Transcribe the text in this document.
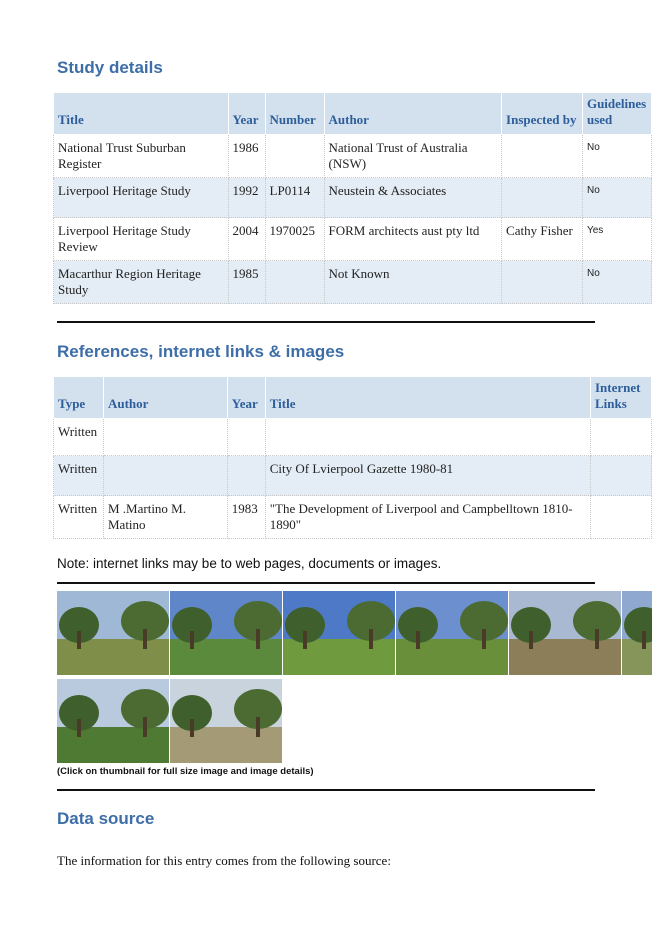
Study details
Title	Year	Number	Author	Inspected by	Guidelines used
National Trust Suburban Register	1986		National Trust of Australia (NSW)		No
Liverpool Heritage Study	1992	LP0114	Neustein & Associates		No
Liverpool Heritage Study Review	2004	1970025	FORM architects aust pty ltd	Cathy Fisher	Yes
Macarthur Region Heritage Study	1985		Not Known		No
References, internet links & images
Type	Author	Year	Title	Internet Links
Written				
Written			City Of Lvierpool Gazette 1980-81	
Written	M .Martino M. Matino	1983	"The Development of Liverpool and Campbelltown 1810-1890"	
Note: internet links may be to web pages, documents or images.
(Click on thumbnail for full size image and image details)
Data source
The information for this entry comes from the following source:
